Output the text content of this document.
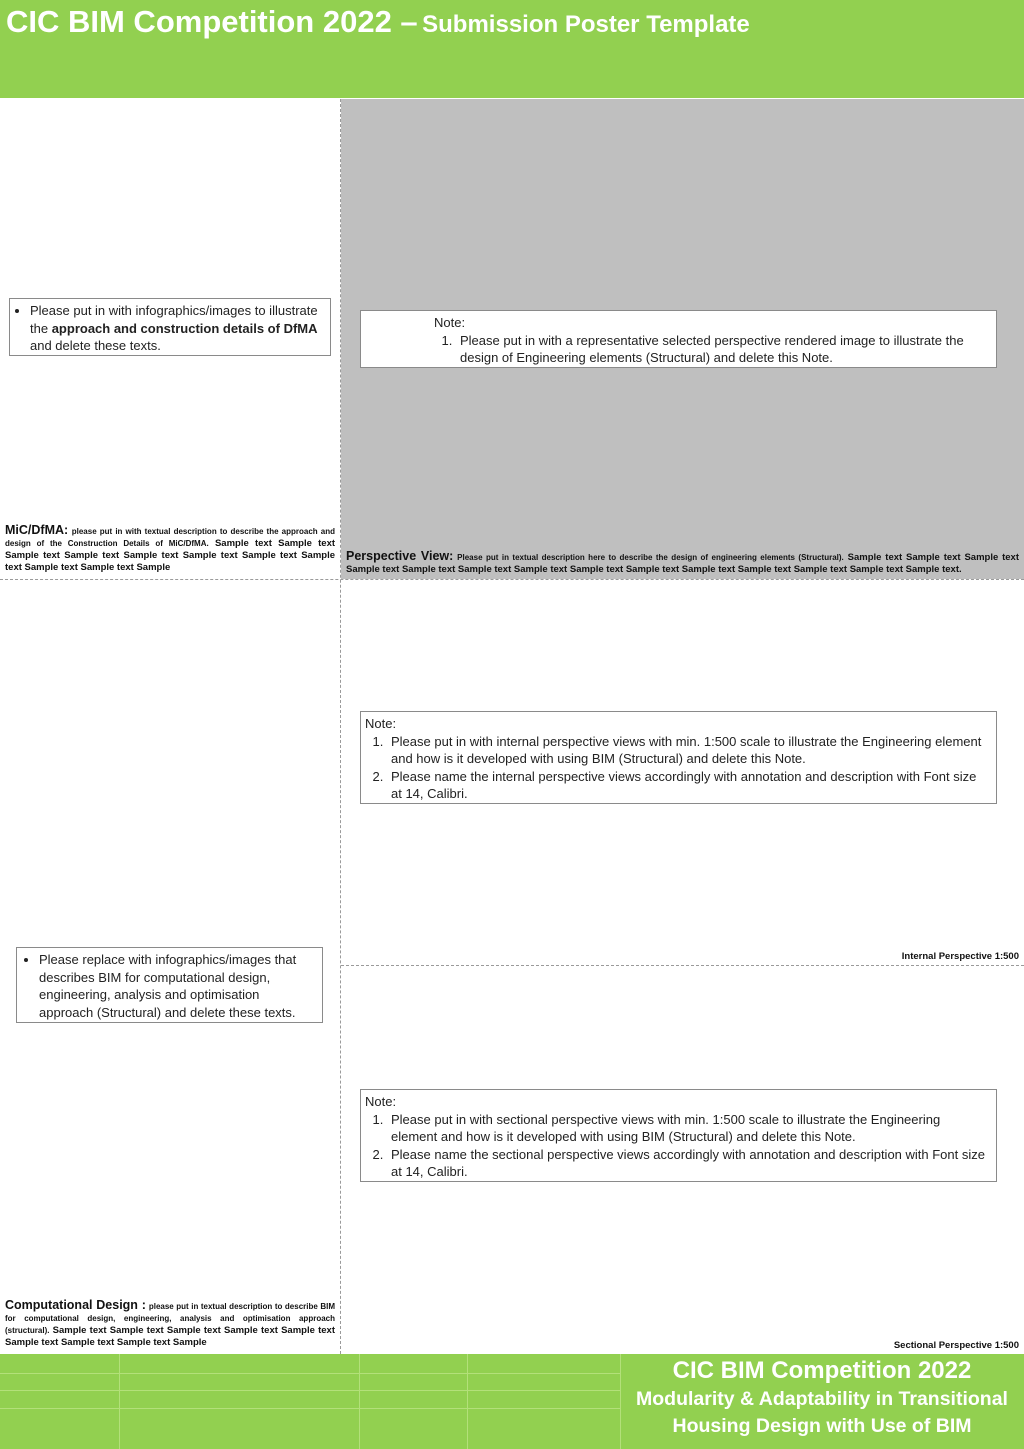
CIC BIM Competition 2022 – Submission Poster Template
• Please put in with infographics/images to illustrate the approach and construction details of DfMA and delete these texts.
Note:
1. Please put in with a representative selected perspective rendered image to illustrate the design of Engineering elements (Structural) and delete this Note.
MiC/DfMA: please put in with textual description to describe the approach and design of the Construction Details of MiC/DfMA. Sample text Sample text Sample text Sample text Sample text Sample text Sample text Sample text Sample text Sample text Sample
Perspective View: Please put in textual description here to describe the design of engineering elements (Structural). Sample text Sample text Sample text Sample text Sample text Sample text Sample text Sample text Sample text Sample text Sample text Sample text Sample text Sample text.
Note:
1. Please put in with internal perspective views with min. 1:500 scale to illustrate the Engineering element and how is it developed with using BIM (Structural) and delete this Note.
2. Please name the internal perspective views accordingly with annotation and description with Font size at 14, Calibri.
Internal Perspective 1:500
• Please replace with infographics/images that describes BIM for computational design, engineering, analysis and optimisation approach (Structural) and delete these texts.
Note:
1. Please put in with sectional perspective views with min. 1:500 scale to illustrate the Engineering element and how is it developed with using BIM (Structural) and delete this Note.
2. Please name the sectional perspective views accordingly with annotation and description with Font size at 14, Calibri.
Computational Design : please put in textual description to describe BIM for computational design, engineering, analysis and optimisation approach (structural). Sample text Sample text Sample text Sample text Sample text Sample text Sample text Sample text Sample	Sectional Perspective 1:500
CIC BIM Competition 2022
Modularity & Adaptability in Transitional
Housing Design with Use of BIM
